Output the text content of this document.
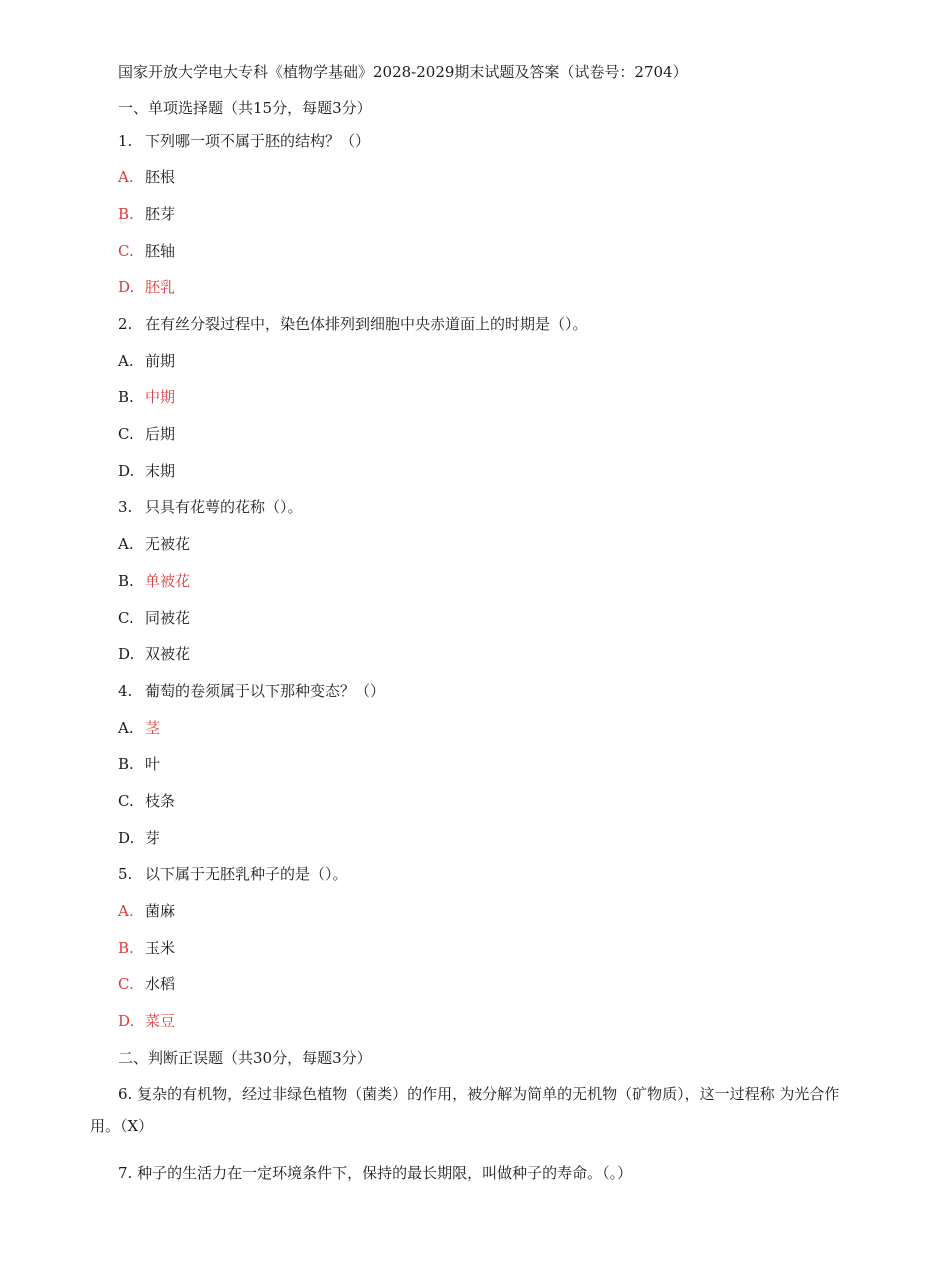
国家开放大学电大专科《植物学基础》2028-2029期末试题及答案（试卷号：2704）
一、单项选择题（共15分，每题3分）
1. 下列哪一项不属于胚的结构？（）
A. 胚根
B. 胚芽
C. 胚轴
D. 胚乳
2. 在有丝分裂过程中，染色体排列到细胞中央赤道面上的时期是（）。
A. 前期
B. 中期
C. 后期
D. 末期
3. 只具有花萼的花称（）。
A. 无被花
B. 单被花
C. 同被花
D. 双被花
4. 葡萄的卷须属于以下那种变态？（）
A. 茎
B. 叶
C. 枝条
D. 芽
5. 以下属于无胚乳种子的是（）。
A. 菌麻
B. 玉米
C. 水稻
D. 菜豆
二、判断正误题（共30分，每题3分）
6. 复杂的有机物，经过非绿色植物（菌类）的作用，被分解为简单的无机物（矿物质），这一过程称 为光合作用。（X）
7. 种子的生活力在一定环境条件下，保持的最长期限，叫做种子的寿命。（。）
